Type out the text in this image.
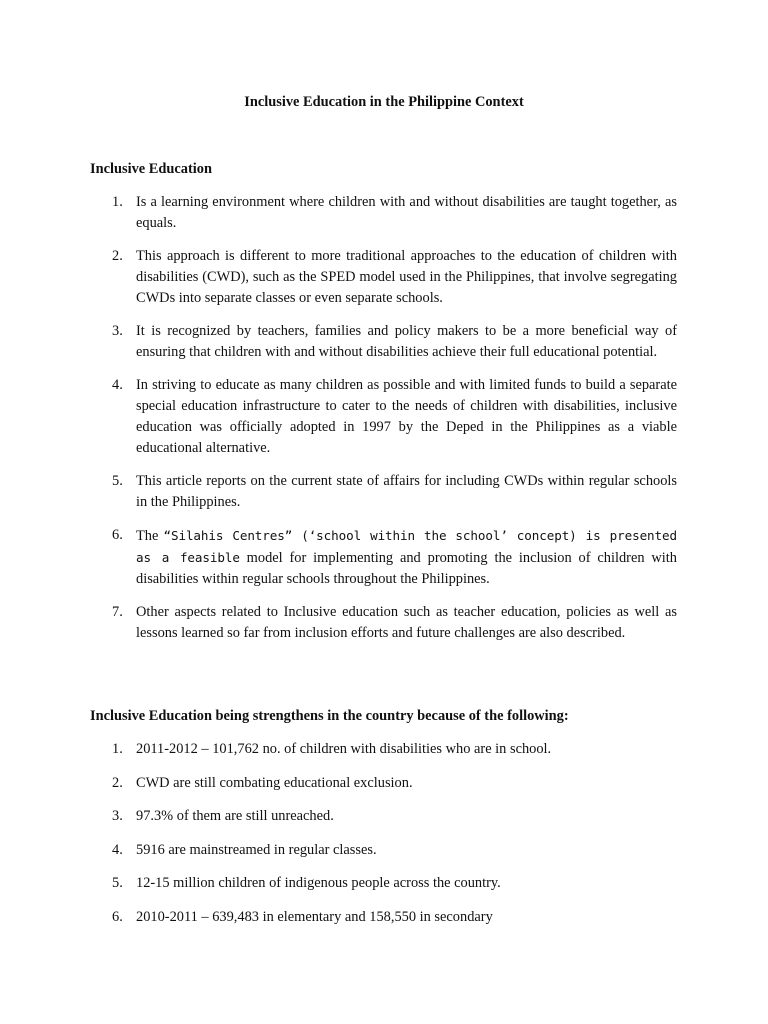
Inclusive Education in the Philippine Context
Inclusive Education
1. Is a learning environment where children with and without disabilities are taught together, as equals.
2. This approach is different to more traditional approaches to the education of children with disabilities (CWD), such as the SPED model used in the Philippines, that involve segregating CWDs into separate classes or even separate schools.
3. It is recognized by teachers, families and policy makers to be a more beneficial way of ensuring that children with and without disabilities achieve their full educational potential.
4. In striving to educate as many children as possible and with limited funds to build a separate special education infrastructure to cater to the needs of children with disabilities, inclusive education was officially adopted in 1997 by the Deped in the Philippines as a viable educational alternative.
5. This article reports on the current state of affairs for including CWDs within regular schools in the Philippines.
6. The “Silahis Centres” (‘school within the school’ concept) is presented as a feasible model for implementing and promoting the inclusion of children with disabilities within regular schools throughout the Philippines.
7. Other aspects related to Inclusive education such as teacher education, policies as well as lessons learned so far from inclusion efforts and future challenges are also described.
Inclusive Education being strengthens in the country because of the following:
1. 2011-2012 – 101,762 no. of children with disabilities who are in school.
2. CWD are still combating educational exclusion.
3. 97.3% of them are still unreached.
4. 5916 are mainstreamed in regular classes.
5. 12-15 million children of indigenous people across the country.
6. 2010-2011 – 639,483 in elementary and 158,550 in secondary
